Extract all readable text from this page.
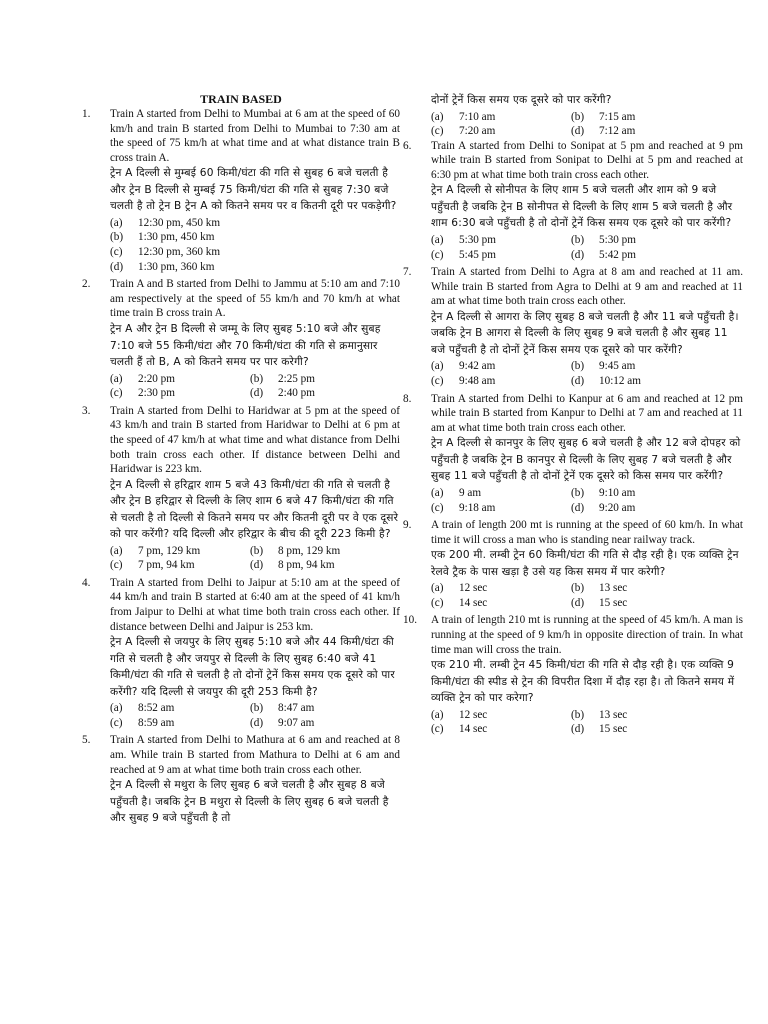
TRAIN BASED
1. Train A started from Delhi to Mumbai at 6 am at the speed of 60 km/h and train B started from Delhi to Mumbai to 7:30 am at the speed of 75 km/h at what time and at what distance train B cross train A.
ट्रेन A दिल्ली से मुम्बई 60 किमी/घंटा की गति से सुबह 6 बजे चलती है और ट्रेन B दिल्ली से मुम्बई 75 किमी/घंटा की गति से सुबह 7:30 बजे चलती है तो ट्रेन B ट्रेन A को कितने समय पर व कितनी दूरी पर पकड़ेगी?
(a)	12:30 pm, 450 km
(b)	1:30 pm, 450 km
(c)	12:30 pm, 360 km
(d)	1:30 pm, 360 km
2. Train A and B started from Delhi to Jammu at 5:10 am and 7:10 am respectively at the speed of 55 km/h and 70 km/h at what time train B cross train A.
ट्रेन A और ट्रेन B दिल्ली से जम्मू के लिए सुबह 5:10 बजे और सुबह 7:10 बजे 55 किमी/घंटा और 70 किमी/घंटा की गति से क्रमानुसार चलती हैं तो B, A को कितने समय पर पार करेगी?
(a)	2:20 pm	(b)	2:25 pm
(c)	2:30 pm	(d)	2:40 pm
3. Train A started from Delhi to Haridwar at 5 pm at the speed of 43 km/h and train B started from Haridwar to Delhi at 6 pm at the speed of 47 km/h at what time and what distance from Delhi both train cross each other. If distance between Delhi and Haridwar is 223 km.
ट्रेन A दिल्ली से हरिद्वार शाम 5 बजे 43 किमी/घंटा की गति से चलती है और ट्रेन B हरिद्वार से दिल्ली के लिए शाम 6 बजे 47 किमी/घंटा की गति से चलती है तो दिल्ली से कितने समय पर और कितनी दूरी पर वे एक दूसरे को पार करेंगी? यदि दिल्ली और हरिद्वार के बीच की दूरी 223 किमी है?
(a)	7 pm, 129 km	(b)	8 pm, 129 km
(c)	7 pm, 94 km	(d)	8 pm, 94 km
4. Train A started from Delhi to Jaipur at 5:10 am at the speed of 44 km/h and train B started at 6:40 am at the speed of 41 km/h from Jaipur to Delhi at what time both train cross each other. If distance between Delhi and Jaipur is 253 km.
ट्रेन A दिल्ली से जयपुर के लिए सुबह 5:10 बजे और 44 किमी/घंटा की गति से चलती है और जयपुर से दिल्ली के लिए सुबह 6:40 बजे 41 किमी/घंटा की गति से चलती है तो दोनों ट्रेनें किस समय एक दूसरे को पार करेंगी? यदि दिल्ली से जयपुर की दूरी 253 किमी है?
(a)	8:52 am	(b)	8:47 am
(c)	8:59 am	(d)	9:07 am
5. Train A started from Delhi to Mathura at 6 am and reached at 8 am. While train B started from Mathura to Delhi at 6 am and reached at 9 am at what time both train cross each other.
ट्रेन A दिल्ली से मथुरा के लिए सुबह 6 बजे चलती है और सुबह 8 बजे पहुँचती है। जबकि ट्रेन B मथुरा से दिल्ली के लिए सुबह 6 बजे चलती है और सुबह 9 बजे पहुँचती है तो
दोनों ट्रेनें किस समय एक दूसरे को पार करेंगी?
(a)	7:10 am	(b)	7:15 am
(c)	7:20 am	(d)	7:12 am
6. Train A started from Delhi to Sonipat at 5 pm and reached at 9 pm while train B started from Sonipat to Delhi at 5 pm and reached at 6:30 pm at what time both train cross each other.
ट्रेन A दिल्ली से सोनीपत के लिए शाम 5 बजे चलती और शाम को 9 बजे पहुँचती है जबकि ट्रेन B सोनीपत से दिल्ली के लिए शाम 5 बजे चलती है और शाम 6:30 बजे पहुँचती है तो दोनों ट्रेनें किस समय एक दूसरे को पार करेंगी?
(a)	5:30 pm	(b)	5:30 pm
(c)	5:45 pm	(d)	5:42 pm
7. Train A started from Delhi to Agra at 8 am and reached at 11 am. While train B started from Agra to Delhi at 9 am and reached at 11 am at what time both train cross each other.
ट्रेन A दिल्ली से आगरा के लिए सुबह 8 बजे चलती है और 11 बजे पहुँचती है। जबकि ट्रेन B आगरा से दिल्ली के लिए सुबह 9 बजे चलती है और सुबह 11 बजे पहुँचती है तो दोनों ट्रेनें किस समय एक दूसरे को पार करेंगी?
(a)	9:42 am	(b)	9:45 am
(c)	9:48 am	(d)	10:12 am
8. Train A started from Delhi to Kanpur at 6 am and reached at 12 pm while train B started from Kanpur to Delhi at 7 am and reached at 11 am at what time both train cross each other.
ट्रेन A दिल्ली से कानपुर के लिए सुबह 6 बजे चलती है और 12 बजे दोपहर को पहुँचती है जबकि ट्रेन B कानपुर से दिल्ली के लिए सुबह 7 बजे चलती है और सुबह 11 बजे पहुँचती है तो दोनों ट्रेनें एक दूसरे को किस समय पार करेंगी?
(a)	9 am	(b)	9:10 am
(c)	9:18 am	(d)	9:20 am
9. A train of length 200 mt is running at the speed of 60 km/h. In what time it will cross a man who is standing near railway track.
एक 200 मी. लम्बी ट्रेन 60 किमी/घंटा की गति से दौड़ रही है। एक व्यक्ति ट्रेन रेलवे ट्रैक के पास खड़ा है उसे यह किस समय में पार करेगी?
(a)	12 sec	(b)	13 sec
(c)	14 sec	(d)	15 sec
10. A train of length 210 mt is running at the speed of 45 km/h. A man is running at the speed of 9 km/h in opposite direction of train. In what time man will cross the train.
एक 210 मी. लम्बी ट्रेन 45 किमी/घंटा की गति से दौड़ रही है। एक व्यक्ति 9 किमी/घंटा की स्पीड से ट्रेन की विपरीत दिशा में दौड़ रहा है। तो कितने समय में व्यक्ति ट्रेन को पार करेगा?
(a)	12 sec	(b)	13 sec
(c)	14 sec	(d)	15 sec
